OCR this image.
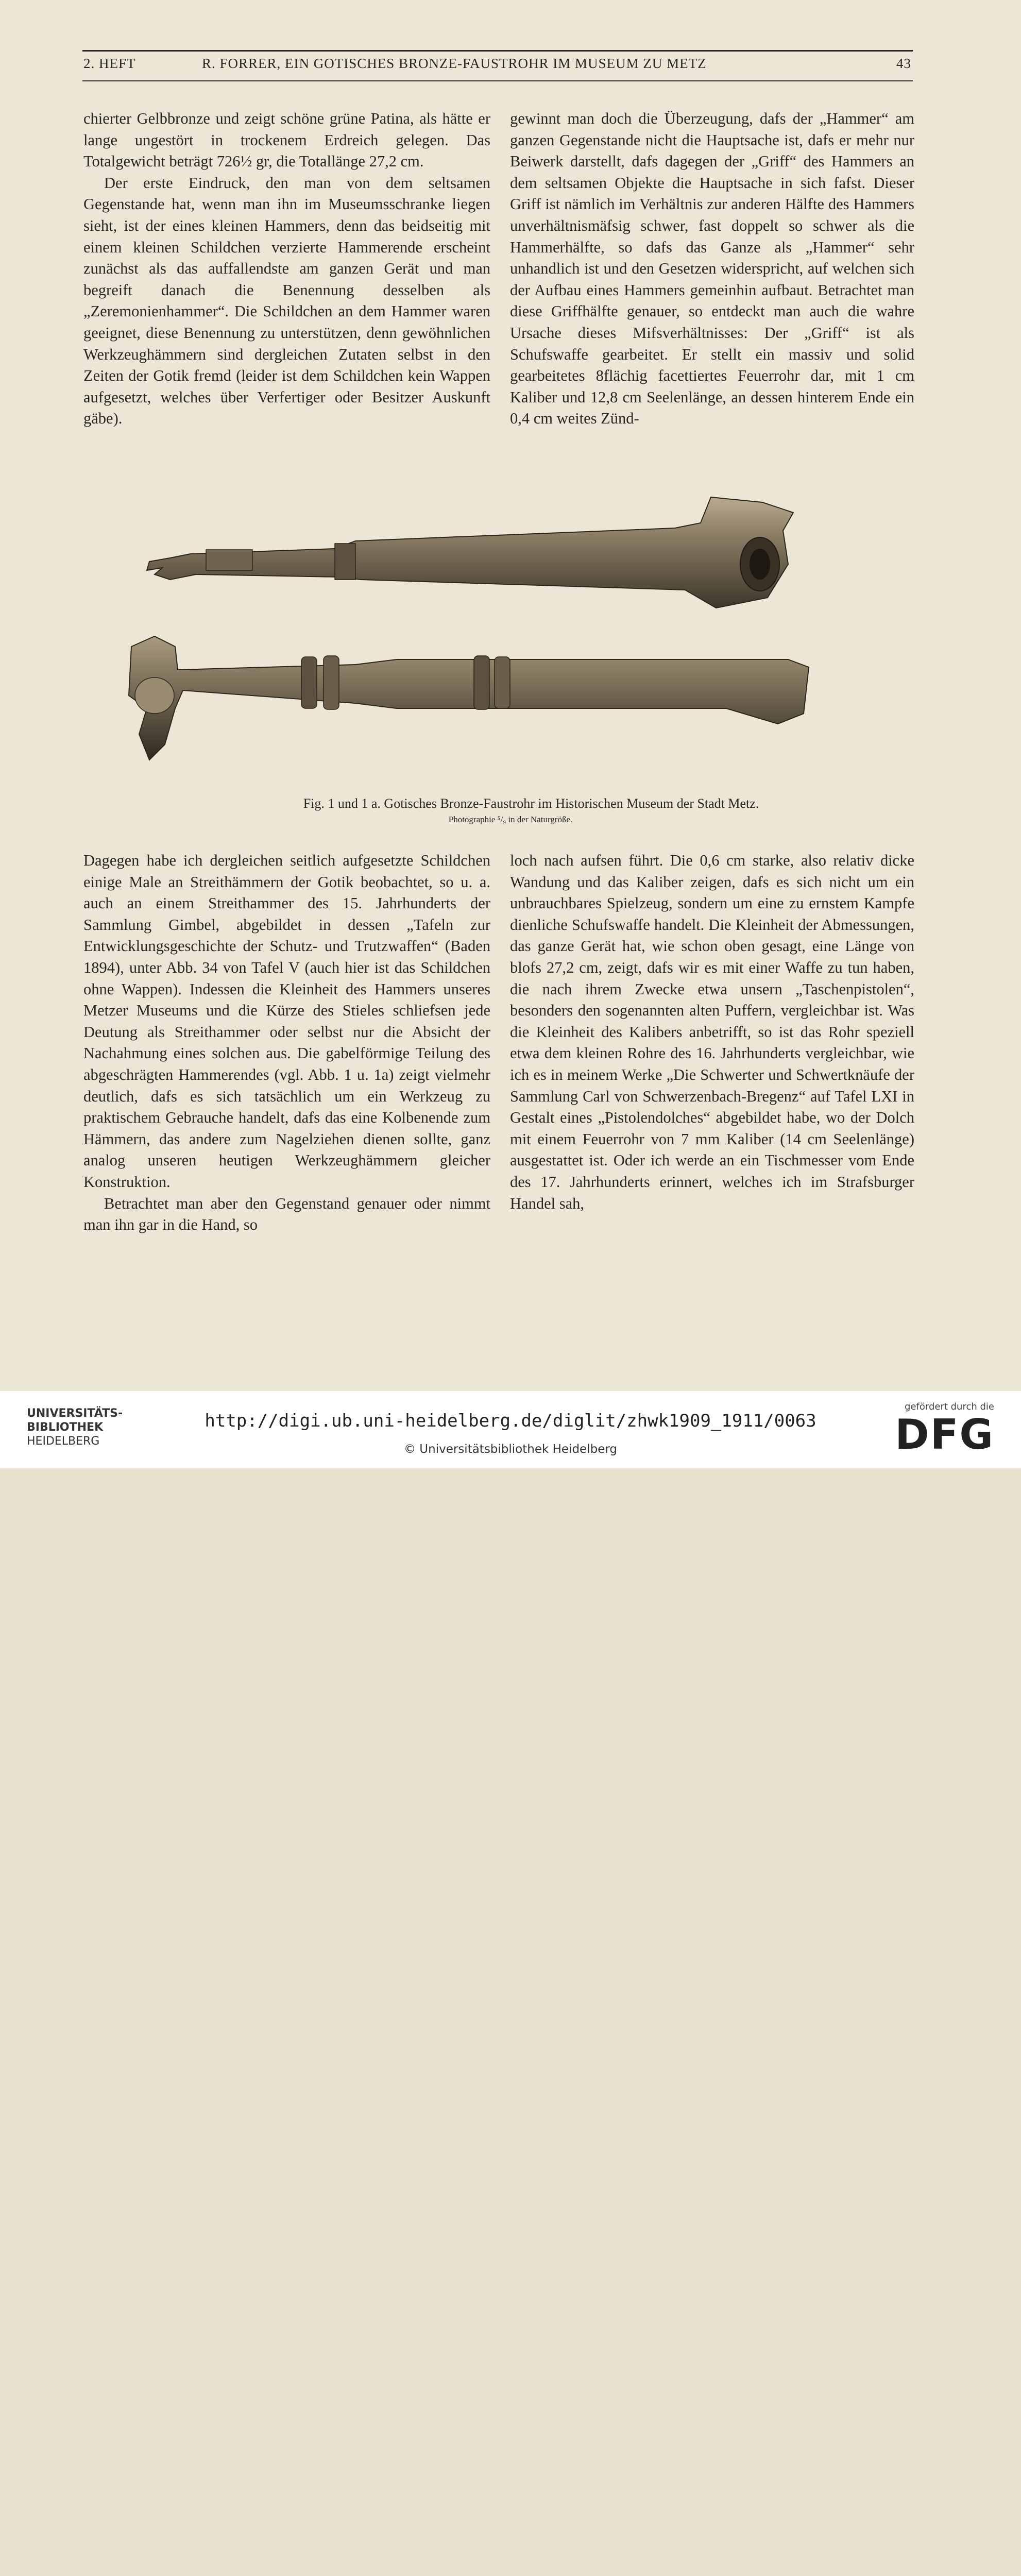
2. HEFT	R. FORRER, EIN GOTISCHES BRONZE-FAUSTROHR IM MUSEUM ZU METZ	43

chierter Gelbbronze und zeigt schöne grüne Patina, als hätte er lange ungestört in trockenem Erdreich gelegen. Das Totalgewicht beträgt 726½ gr, die Totallänge 27,2 cm.

Der erste Eindruck, den man von dem seltsamen Gegenstande hat, wenn man ihn im Museumsschranke liegen sieht, ist der eines kleinen Hammers, denn das beidseitig mit einem kleinen Schildchen verzierte Hammerende erscheint zunächst als das auffallendste am ganzen Gerät und man begreift danach die Benennung desselben als „Zeremonienhammer“. Die Schildchen an dem Hammer waren geeignet, diese Benennung zu unterstützen, denn gewöhnlichen Werkzeughämmern sind dergleichen Zutaten selbst in den Zeiten der Gotik fremd (leider ist dem Schildchen kein Wappen aufgesetzt, welches über Verfertiger oder Besitzer Auskunft gäbe).

gewinnt man doch die Überzeugung, dafs der „Hammer“ am ganzen Gegenstande nicht die Hauptsache ist, dafs er mehr nur Beiwerk darstellt, dafs dagegen der „Griff“ des Hammers an dem seltsamen Objekte die Hauptsache in sich fafst. Dieser Griff ist nämlich im Verhältnis zur anderen Hälfte des Hammers unverhältnismäfsig schwer, fast doppelt so schwer als die Hammerhälfte, so dafs das Ganze als „Hammer“ sehr unhandlich ist und den Gesetzen widerspricht, auf welchen sich der Aufbau eines Hammers gemeinhin aufbaut. Betrachtet man diese Griffhälfte genauer, so entdeckt man auch die wahre Ursache dieses Mifsverhältnisses: Der „Griff“ ist als Schufswaffe gearbeitet. Er stellt ein massiv und solid gearbeitetes 8flächig facettiertes Feuerrohr dar, mit 1 cm Kaliber und 12,8 cm Seelenlänge, an dessen hinterem Ende ein 0,4 cm weites Zünd-

Fig. 1 und 1 a. Gotisches Bronze-Faustrohr im Historischen Museum der Stadt Metz.
Photographie ⁵/₉ in der Naturgröße.

Dagegen habe ich dergleichen seitlich aufgesetzte Schildchen einige Male an Streithämmern der Gotik beobachtet, so u. a. auch an einem Streithammer des 15. Jahrhunderts der Sammlung Gimbel, abgebildet in dessen „Tafeln zur Entwicklungsgeschichte der Schutz- und Trutzwaffen“ (Baden 1894), unter Abb. 34 von Tafel V (auch hier ist das Schildchen ohne Wappen). Indessen die Kleinheit des Hammers unseres Metzer Museums und die Kürze des Stieles schliefsen jede Deutung als Streithammer oder selbst nur die Absicht der Nachahmung eines solchen aus. Die gabelförmige Teilung des abgeschrägten Hammerendes (vgl. Abb. 1 u. 1a) zeigt vielmehr deutlich, dafs es sich tatsächlich um ein Werkzeug zu praktischem Gebrauche handelt, dafs das eine Kolbenende zum Hämmern, das andere zum Nagelziehen dienen sollte, ganz analog unseren heutigen Werkzeughämmern gleicher Konstruktion.

Betrachtet man aber den Gegenstand genauer oder nimmt man ihn gar in die Hand, so

loch nach aufsen führt. Die 0,6 cm starke, also relativ dicke Wandung und das Kaliber zeigen, dafs es sich nicht um ein unbrauchbares Spielzeug, sondern um eine zu ernstem Kampfe dienliche Schufswaffe handelt. Die Kleinheit der Abmessungen, das ganze Gerät hat, wie schon oben gesagt, eine Länge von blofs 27,2 cm, zeigt, dafs wir es mit einer Waffe zu tun haben, die nach ihrem Zwecke etwa unsern „Taschenpistolen“, besonders den sogenannten alten Puffern, vergleichbar ist. Was die Kleinheit des Kalibers anbetrifft, so ist das Rohr speziell etwa dem kleinen Rohre des 16. Jahrhunderts vergleichbar, wie ich es in meinem Werke „Die Schwerter und Schwertknäufe der Sammlung Carl von Schwerzenbach-Bregenz“ auf Tafel LXI in Gestalt eines „Pistolendolches“ abgebildet habe, wo der Dolch mit einem Feuerrohr von 7 mm Kaliber (14 cm Seelenlänge) ausgestattet ist. Oder ich werde an ein Tischmesser vom Ende des 17. Jahrhunderts erinnert, welches ich im Strafsburger Handel sah,

UNIVERSITÄTS-
BIBLIOTHEK
HEIDELBERG
http://digi.ub.uni-heidelberg.de/diglit/zhwk1909_1911/0063
© Universitätsbibliothek Heidelberg
gefördert durch die
DFG
